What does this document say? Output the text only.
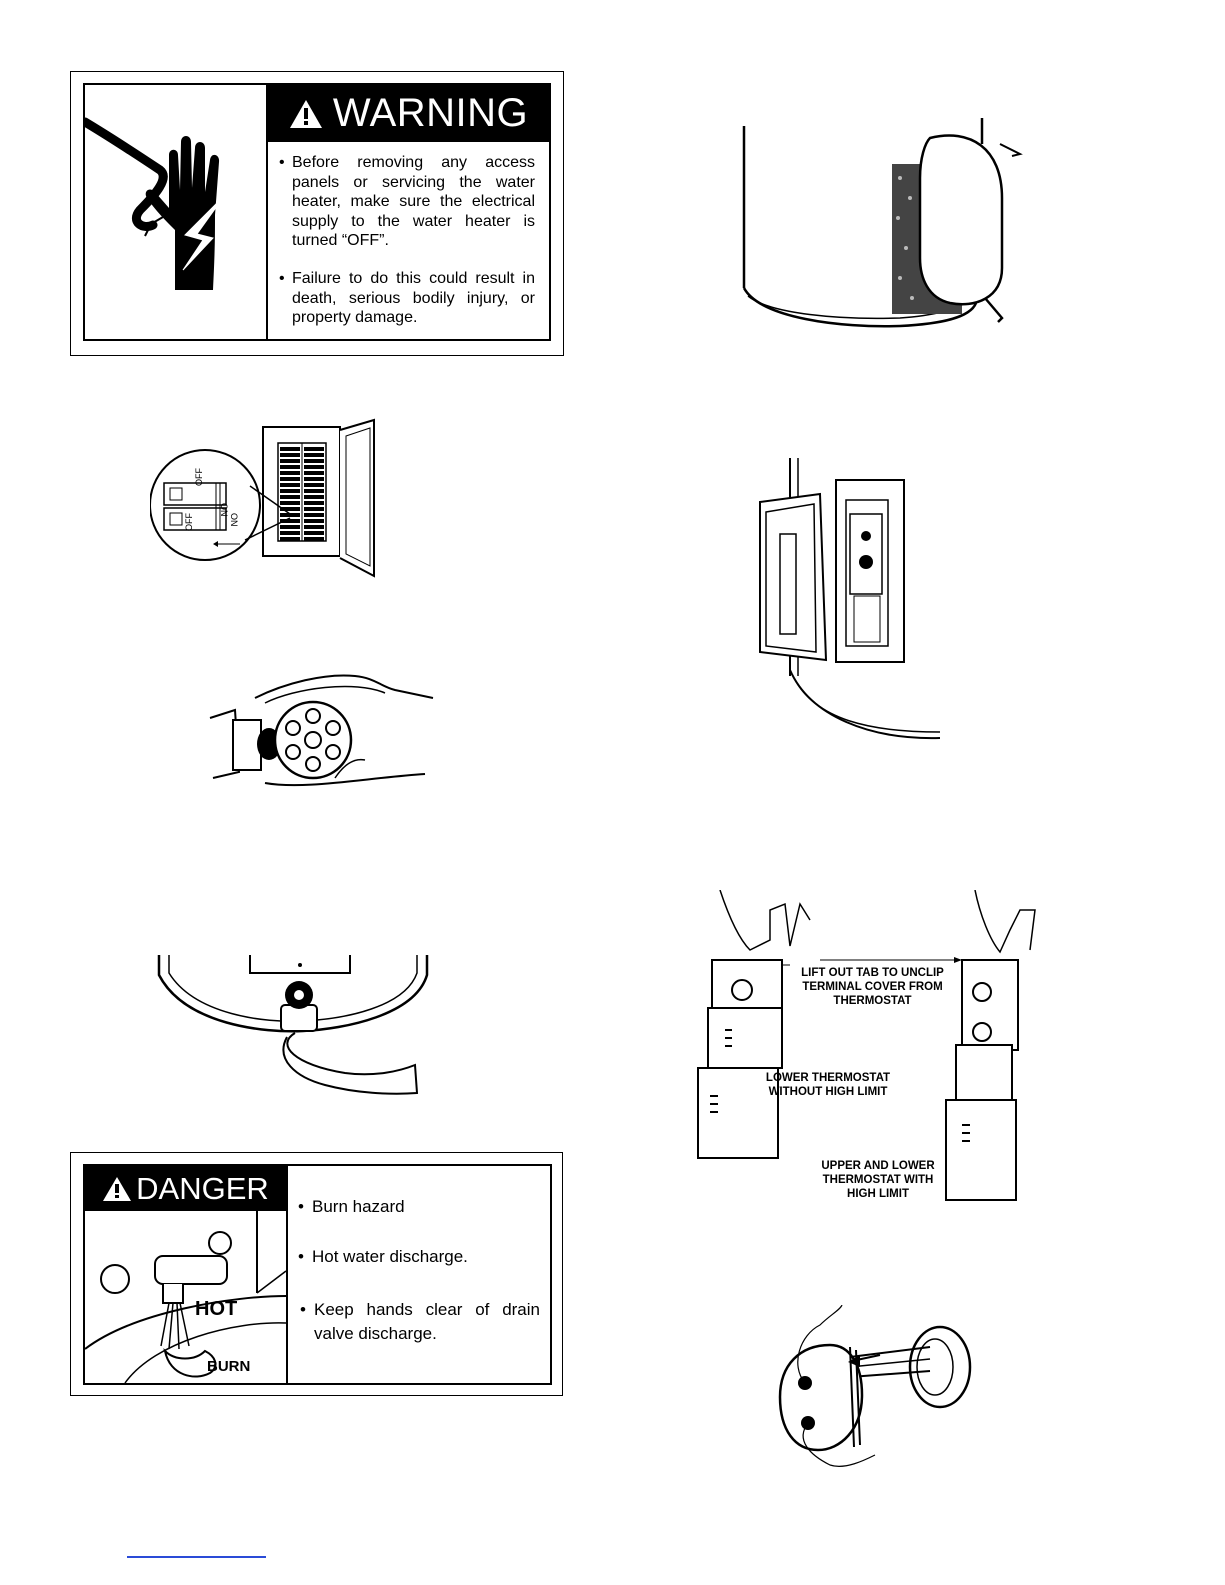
WARNING
• Before removing any access panels or servicing the water heater, make sure the electrical supply to the water heater is turned “OFF”.
• Failure to do this could result in death, serious bodily injury, or property damage.
OFF
OFF
ON
ON
DANGER
HOT
BURN
• Burn hazard
• Hot water discharge.
• Keep hands clear of drain valve discharge.
LIFT OUT TAB TO UNCLIP TERMINAL COVER FROM THERMOSTAT
LOWER THERMOSTAT WITHOUT HIGH LIMIT
UPPER AND LOWER THERMOSTAT WITH HIGH LIMIT
